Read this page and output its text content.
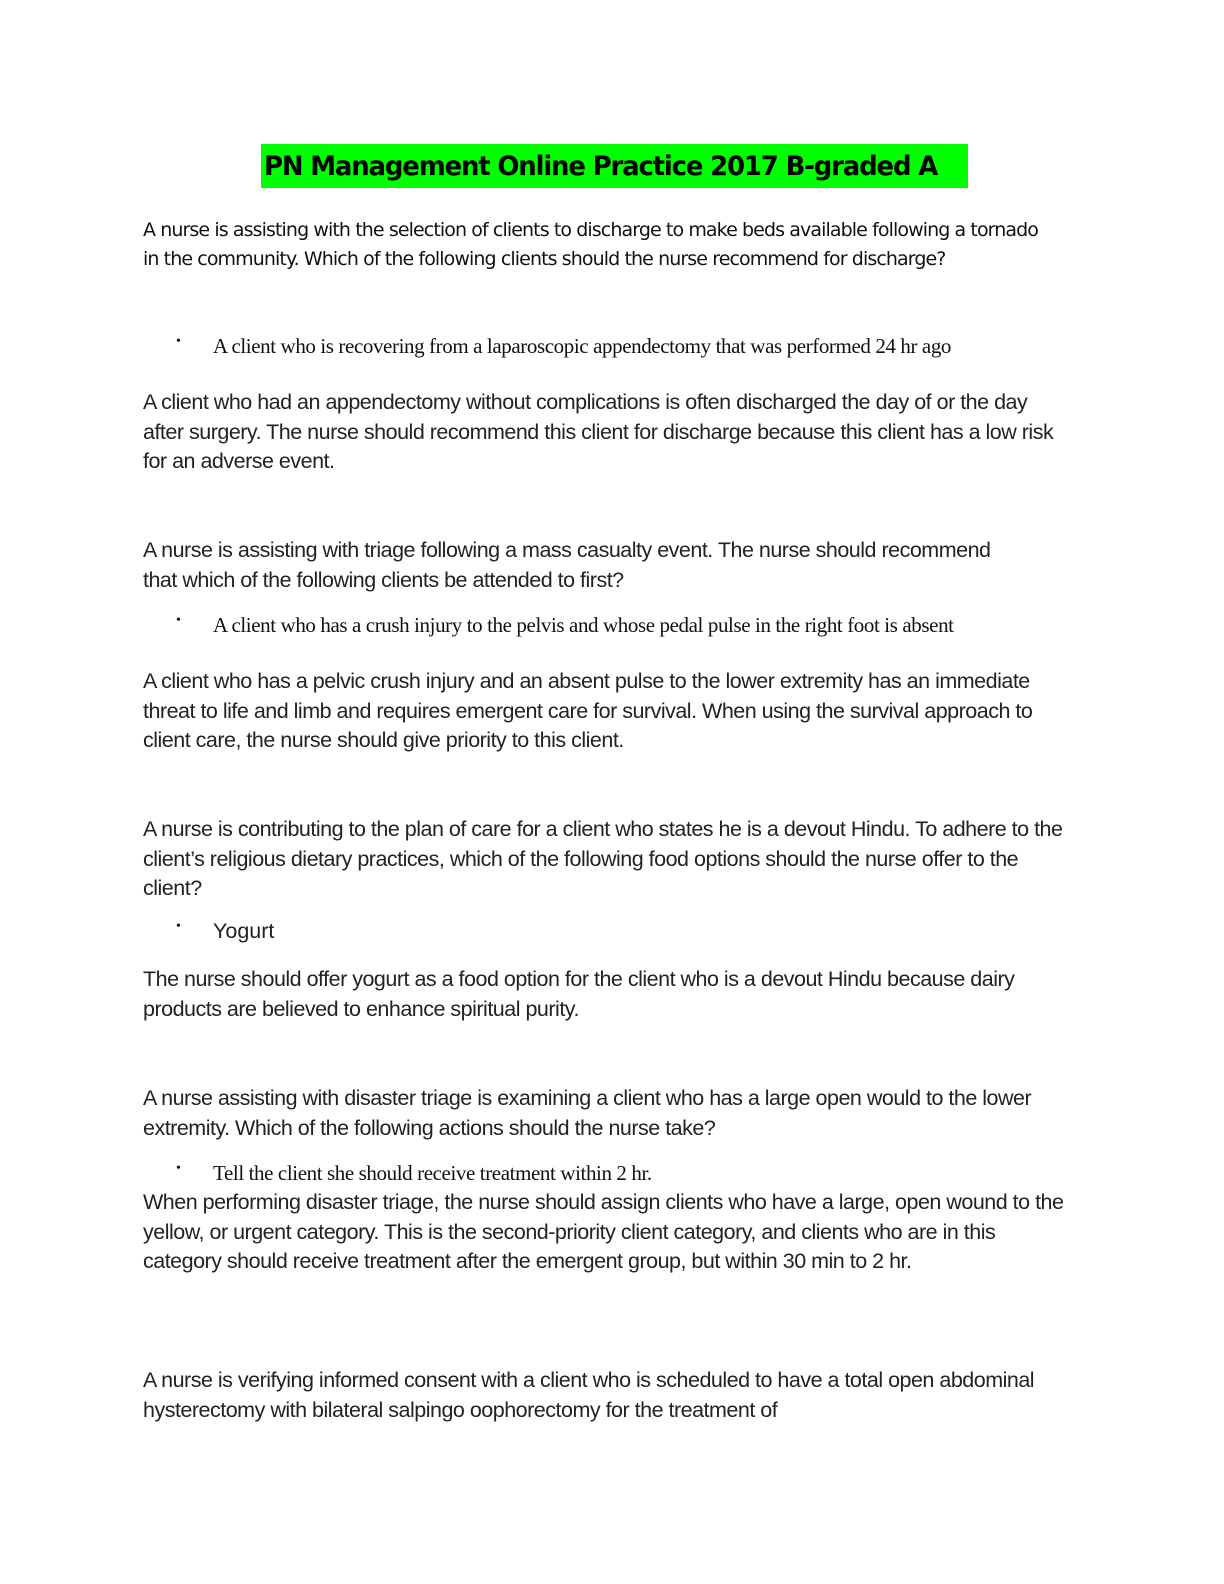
PN Management Online Practice 2017 B-graded A
A nurse is assisting with the selection of clients to discharge to make beds available following a tornado in the community. Which of the following clients should the nurse recommend for discharge?
•	A client who is recovering from a laparoscopic appendectomy that was performed 24 hr ago
A client who had an appendectomy without complications is often discharged the day of or the day after surgery. The nurse should recommend this client for discharge because this client has a low risk for an adverse event.
A nurse is assisting with triage following a mass casualty event. The nurse should recommend that which of the following clients be attended to first?
•	A client who has a crush injury to the pelvis and whose pedal pulse in the right foot is absent
A client who has a pelvic crush injury and an absent pulse to the lower extremity has an immediate threat to life and limb and requires emergent care for survival. When using the survival approach to client care, the nurse should give priority to this client.
A nurse is contributing to the plan of care for a client who states he is a devout Hindu. To adhere to the client’s religious dietary practices, which of the following food options should the nurse offer to the client?
•	Yogurt
The nurse should offer yogurt as a food option for the client who is a devout Hindu because dairy products are believed to enhance spiritual purity.
A nurse assisting with disaster triage is examining a client who has a large open would to the lower extremity. Which of the following actions should the nurse take?
•	Tell the client she should receive treatment within 2 hr.
When performing disaster triage, the nurse should assign clients who have a large, open wound to the yellow, or urgent category. This is the second-priority client category, and clients who are in this category should receive treatment after the emergent group, but within 30 min to 2 hr.
A nurse is verifying informed consent with a client who is scheduled to have a total open abdominal hysterectomy with bilateral salpingo oophorectomy for the treatment of
